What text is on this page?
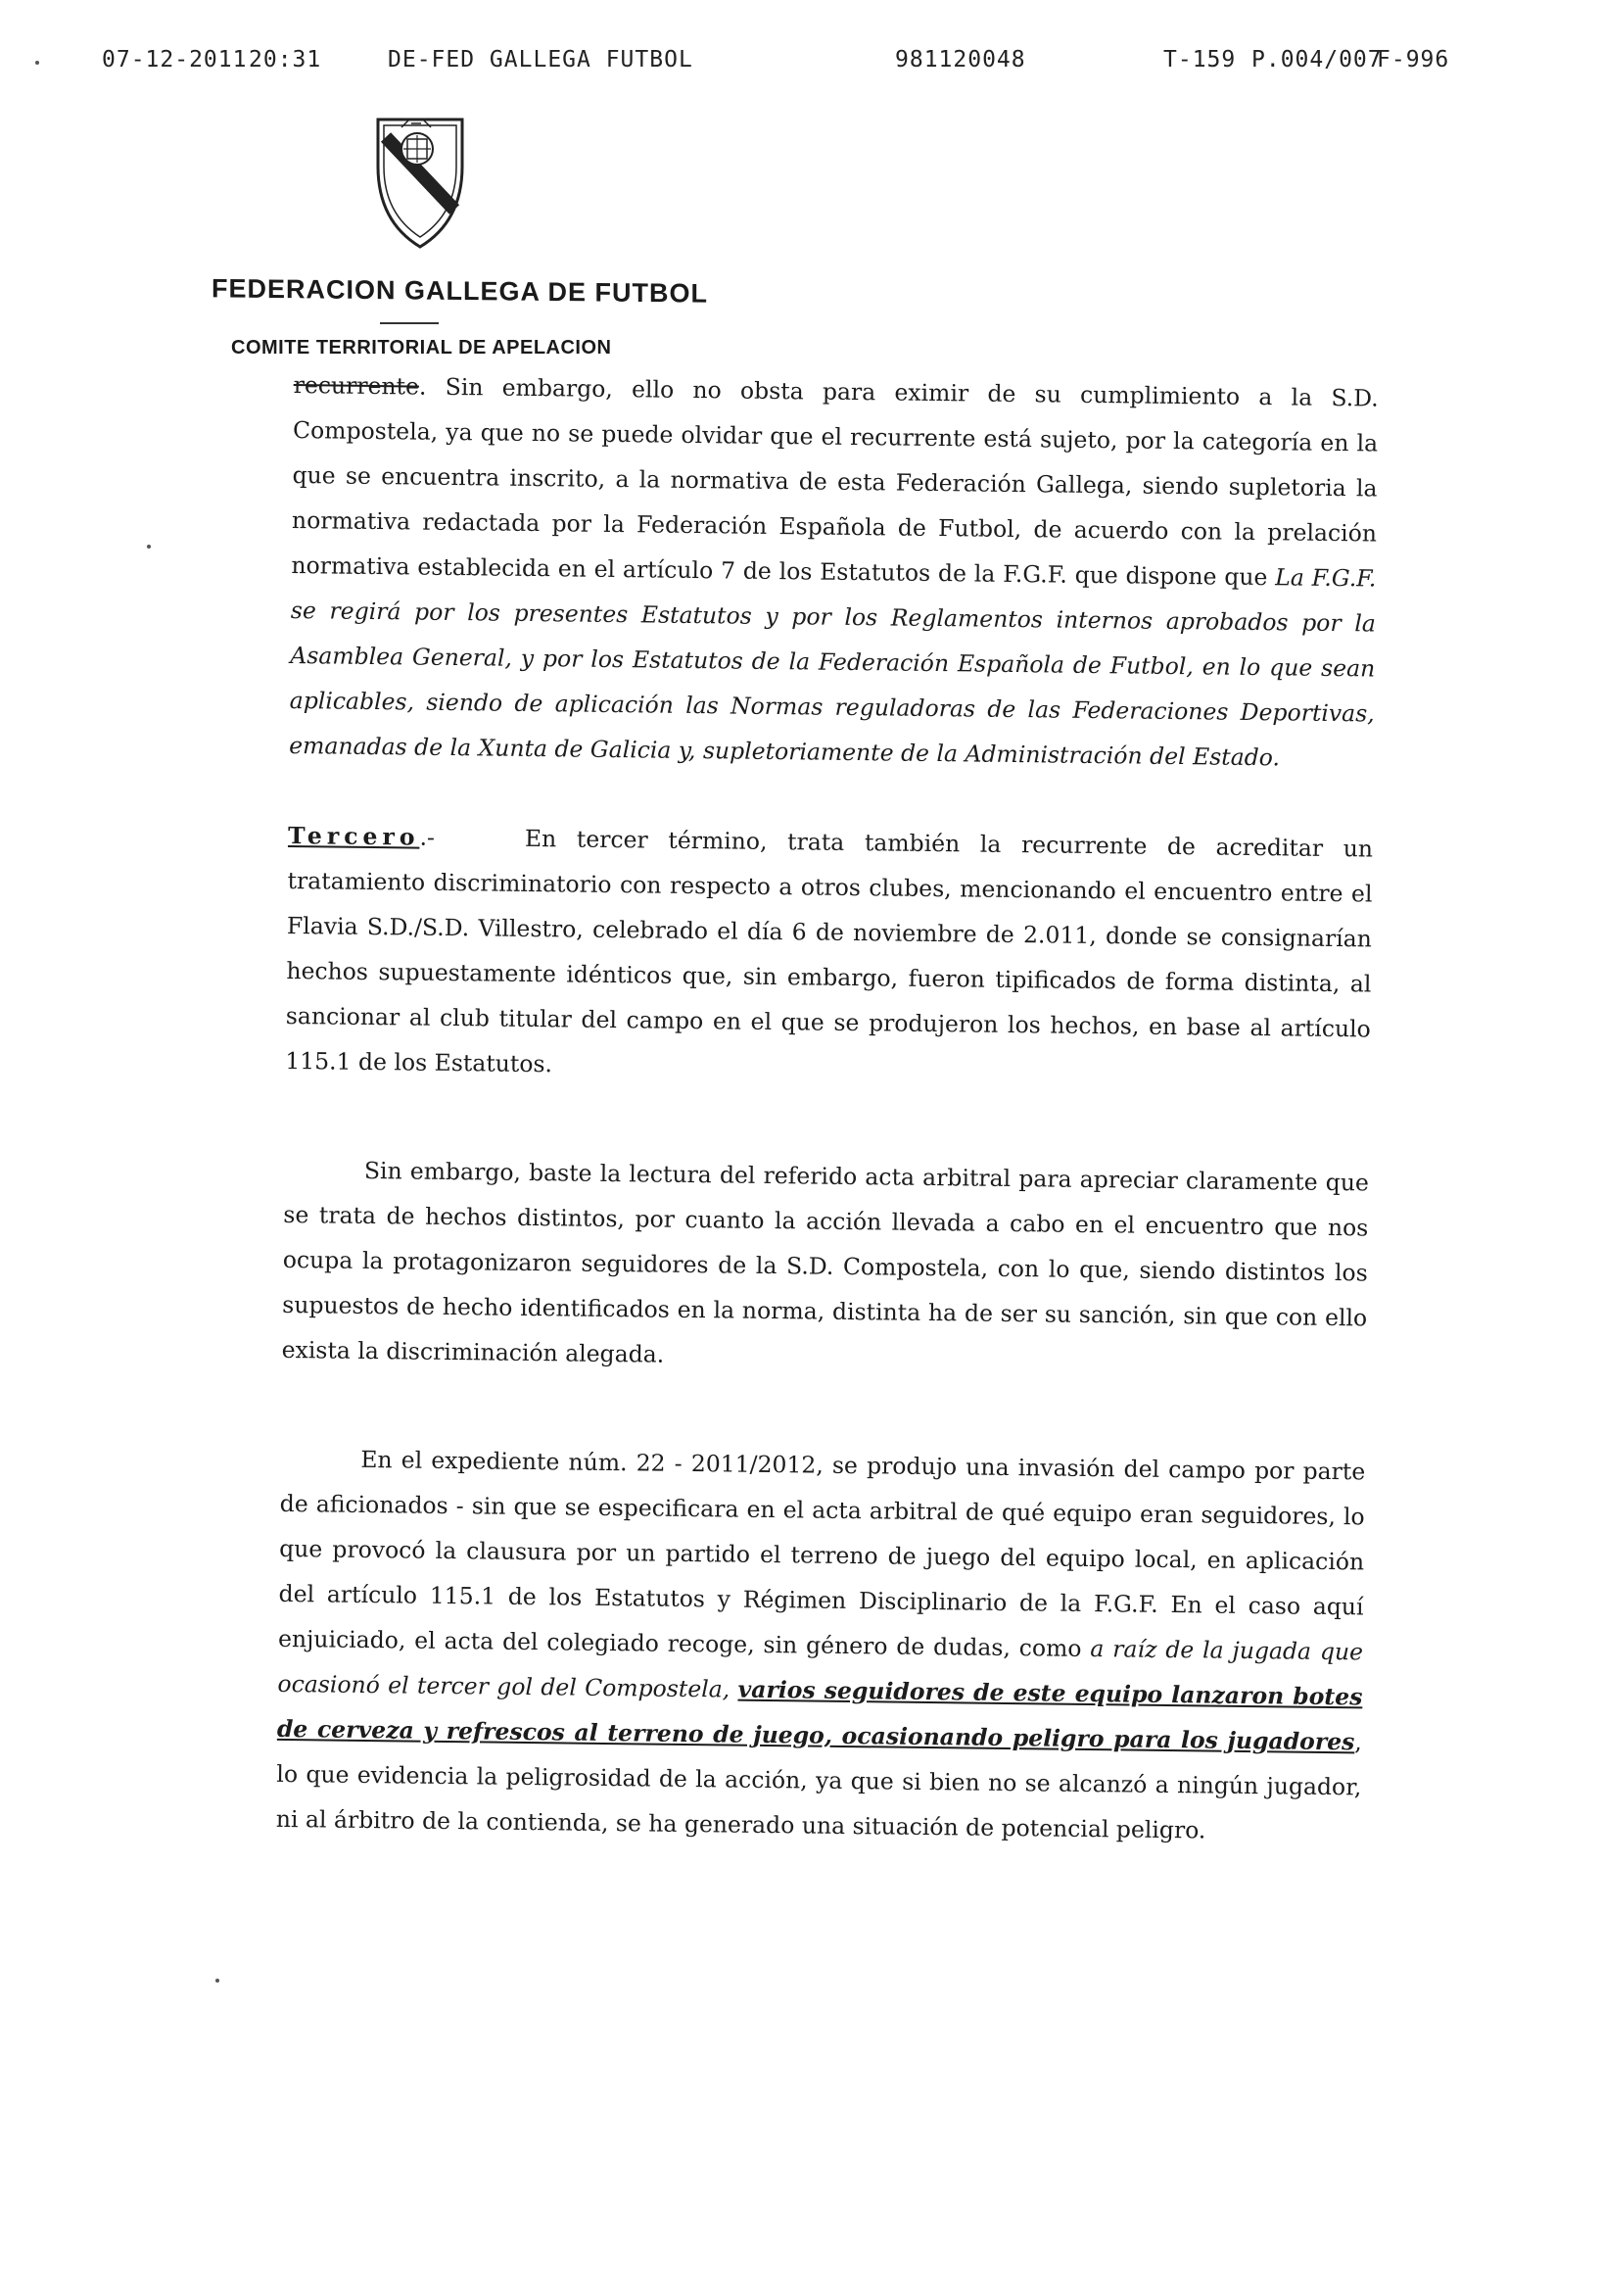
07-12-2011 20:31	DE-FED GALLEGA FUTBOL	981120048	T-159 P.004/007
F-996
FEDERACION GALLEGA DE FUTBOL
COMITE TERRITORIAL DE APELACION

recurrente. Sin embargo, ello no obsta para eximir de su cumplimiento a la S.D. Compostela, ya que no se puede olvidar que el recurrente está sujeto, por la categoría en la que se encuentra inscrito, a la normativa de esta Federación Gallega, siendo supletoria la normativa redactada por la Federación Española de Futbol, de acuerdo con la prelación normativa establecida en el artículo 7 de los Estatutos de la F.G.F. que dispone que La F.G.F. se regirá por los presentes Estatutos y por los Reglamentos internos aprobados por la Asamblea General, y por los Estatutos de la Federación Española de Futbol, en lo que sean aplicables, siendo de aplicación las Normas reguladoras de las Federaciones Deportivas, emanadas de la Xunta de Galicia y, supletoriamente de la Administración del Estado.

Tercero.-	En tercer término, trata también la recurrente de acreditar un tratamiento discriminatorio con respecto a otros clubes, mencionando el encuentro entre el Flavia S.D./S.D. Villestro, celebrado el día 6 de noviembre de 2.011, donde se consignarían hechos supuestamente idénticos que, sin embargo, fueron tipificados de forma distinta, al sancionar al club titular del campo en el que se produjeron los hechos, en base al artículo 115.1 de los Estatutos.

Sin embargo, baste la lectura del referido acta arbitral para apreciar claramente que se trata de hechos distintos, por cuanto la acción llevada a cabo en el encuentro que nos ocupa la protagonizaron seguidores de la S.D. Compostela, con lo que, siendo distintos los supuestos de hecho identificados en la norma, distinta ha de ser su sanción, sin que con ello exista la discriminación alegada.

En el expediente núm. 22 - 2011/2012, se produjo una invasión del campo por parte de aficionados - sin que se especificara en el acta arbitral de qué equipo eran seguidores, lo que provocó la clausura por un partido el terreno de juego del equipo local, en aplicación del artículo 115.1 de los Estatutos y Régimen Disciplinario de la F.G.F. En el caso aquí enjuiciado, el acta del colegiado recoge, sin género de dudas, como a raíz de la jugada que ocasionó el tercer gol del Compostela, varios seguidores de este equipo lanzaron botes de cerveza y refrescos al terreno de juego, ocasionando peligro para los jugadores, lo que evidencia la peligrosidad de la acción, ya que si bien no se alcanzó a ningún jugador, ni al árbitro de la contienda, se ha generado una situación de potencial peligro.
